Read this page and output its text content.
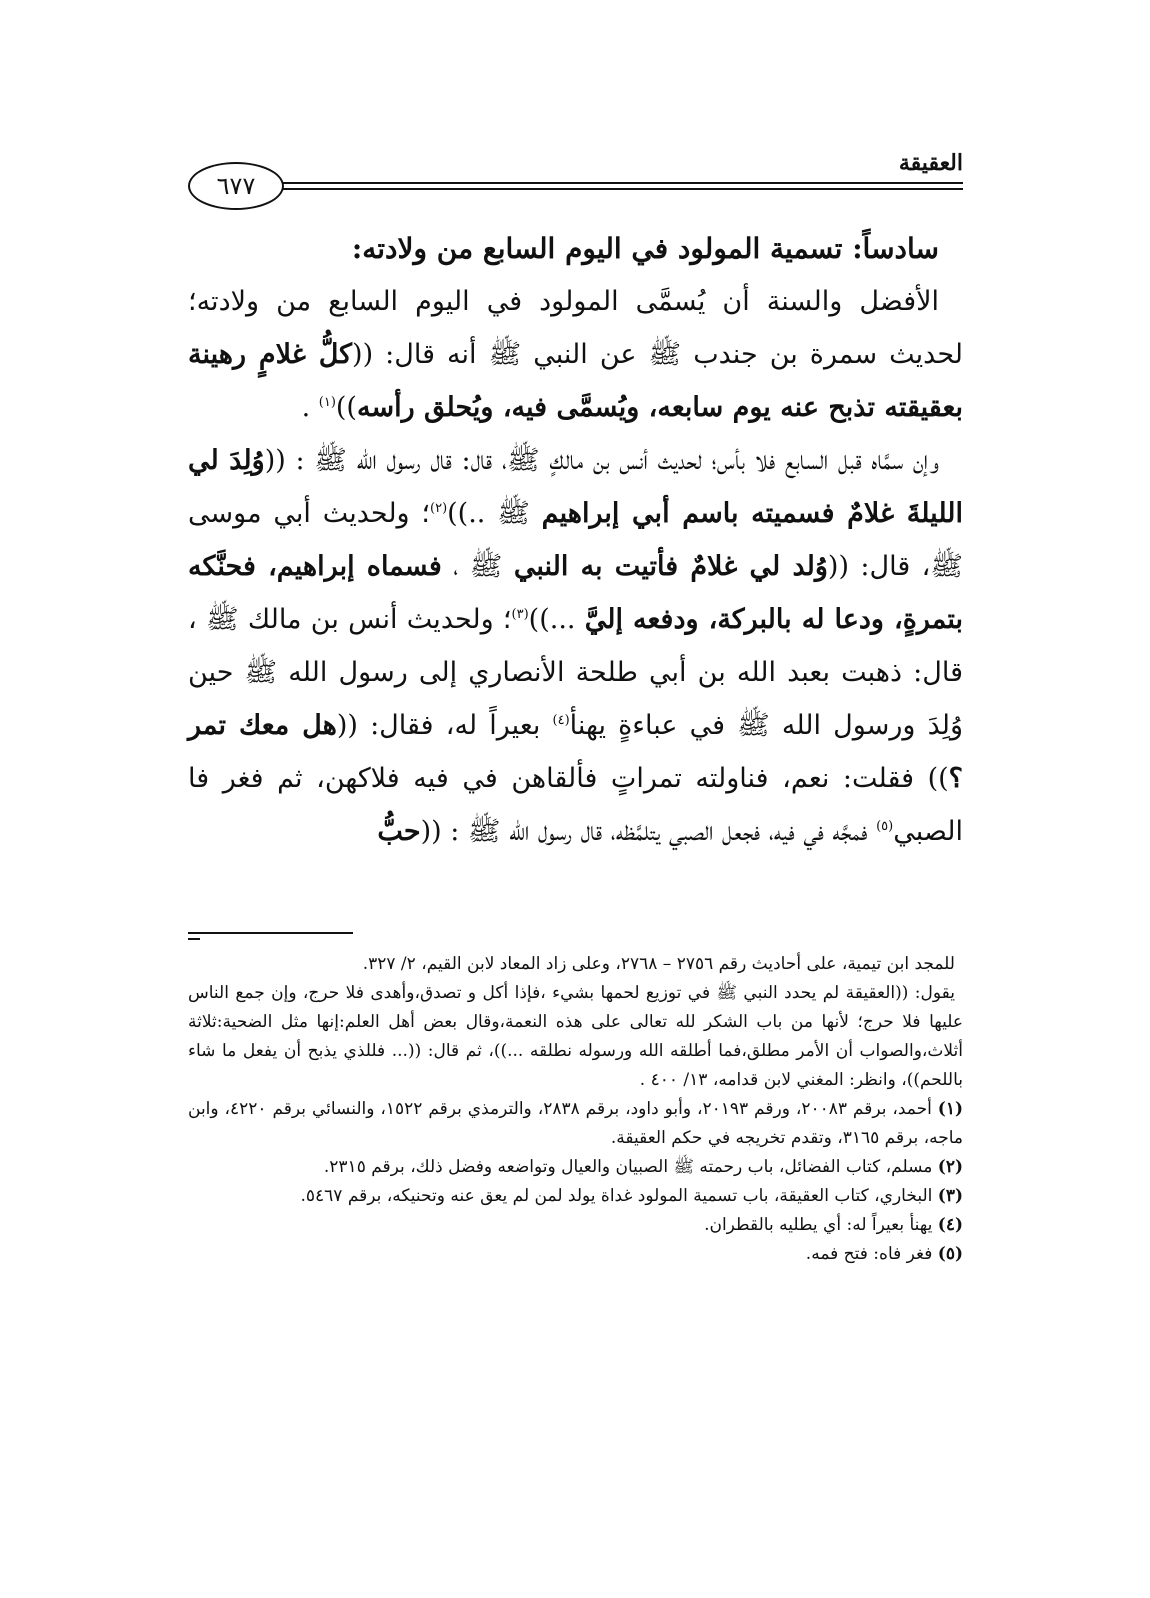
العقيقة
٦٧٧

سادساً: تسمية المولود في اليوم السابع من ولادته:

الأفضل والسنة أن يُسمَّى المولود في اليوم السابع من ولادته؛ لحديث سمرة بن جندب ﷺ عن النبي ﷺ أنه قال: ((كلُّ غلامٍ رهينة بعقيقته تذبح عنه يوم سابعه، ويُسمَّى فيه، ويُحلق رأسه))$^{(١)}$ .

وإن سمَّاه قبل السابع فلا بأس؛ لحديث أنس بن مالكٍ ﷺ، قال: قال رسول الله ﷺ : ((وُلِدَ لي الليلةَ غلامٌ فسميته باسم أبي إبراهيم ﷺ ..))$^{(٢)}$؛ ولحديث أبي موسى ﷺ، قال: ((وُلد لي غلامٌ فأتيت به النبي ﷺ ، فسماه إبراهيم، فحنَّكه بتمرةٍ، ودعا له بالبركة، ودفعه إليَّ ...))$^{(٣)}$؛ ولحديث أنس بن مالك ﷺ ، قال: ذهبت بعبد الله بن أبي طلحة الأنصاري إلى رسول الله ﷺ حين وُلِدَ ورسول الله ﷺ في عباءةٍ يهنأ$^{(٤)}$ بعيراً له، فقال: ((هل معك تمر ؟)) فقلت: نعم، فناولته تمراتٍ فألقاهن في فيه فلاكهن، ثم فغر فا الصبي$^{(٥)}$ فمجَّه في فيه، فجعل الصبي يتلمَّظه، قال رسول الله ﷺ : ((حبُّ

للمجد ابن تيمية، على أحاديث رقم ٢٧٥٦ – ٢٧٦٨، وعلى زاد المعاد لابن القيم، ٢/ ٣٢٧.

يقول: ((العقيقة لم يحدد النبي ﷺ في توزيع لحمها بشيء ،فإذا أكل و تصدق،وأهدى فلا حرج، وإن جمع الناس عليها فلا حرج؛ لأنها من باب الشكر لله تعالى على هذه النعمة،وقال بعض أهل العلم:إنها مثل الضحية:ثلاثة أثلاث،والصواب أن الأمر مطلق،فما أطلقه الله ورسوله نطلقه ...))، ثم قال: ((... فللذي يذبح أن يفعل ما شاء باللحم))، وانظر: المغني لابن قدامه، ١٣/ ٤٠٠ .

(١) أحمد، برقم ٢٠٠٨٣، ورقم ٢٠١٩٣، وأبو داود، برقم ٢٨٣٨، والترمذي برقم ١٥٢٢، والنسائي برقم ٤٢٢٠، وابن ماجه، برقم ٣١٦٥، وتقدم تخريجه في حكم العقيقة.

(٢) مسلم، كتاب الفضائل، باب رحمته ﷺ الصبيان والعيال وتواضعه وفضل ذلك، برقم ٢٣١٥.

(٣) البخاري، كتاب العقيقة، باب تسمية المولود غداة يولد لمن لم يعق عنه وتحنيكه، برقم ٥٤٦٧.

(٤) يهنأ بعيراً له: أي يطليه بالقطران.

(٥) فغر فاه: فتح فمه.
